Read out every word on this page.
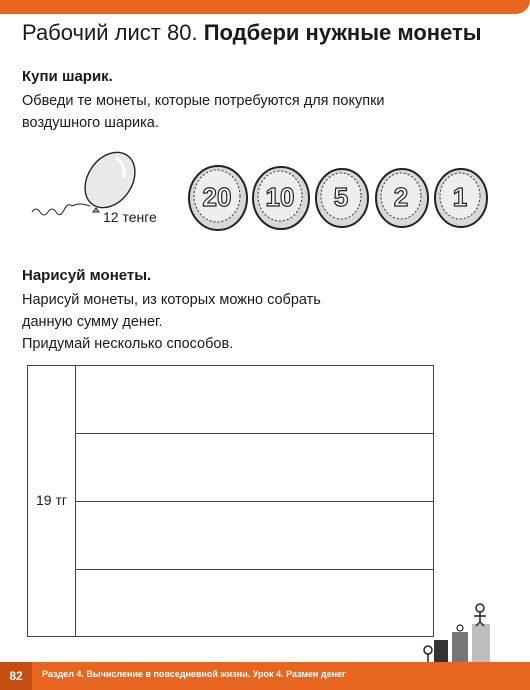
Рабочий лист 80. Подбери нужные монеты
Купи шарик.
Обведи те монеты, которые потребуются для покупки
воздушного шарика.
12 тенге
20 10 5 2 1
Нарисуй монеты.
Нарисуй монеты, из которых можно собрать
данную сумму денег.
Придумай несколько способов.
19 тг
82	Раздел 4. Вычисление в повседневной жизни. Урок 4. Размен денег
